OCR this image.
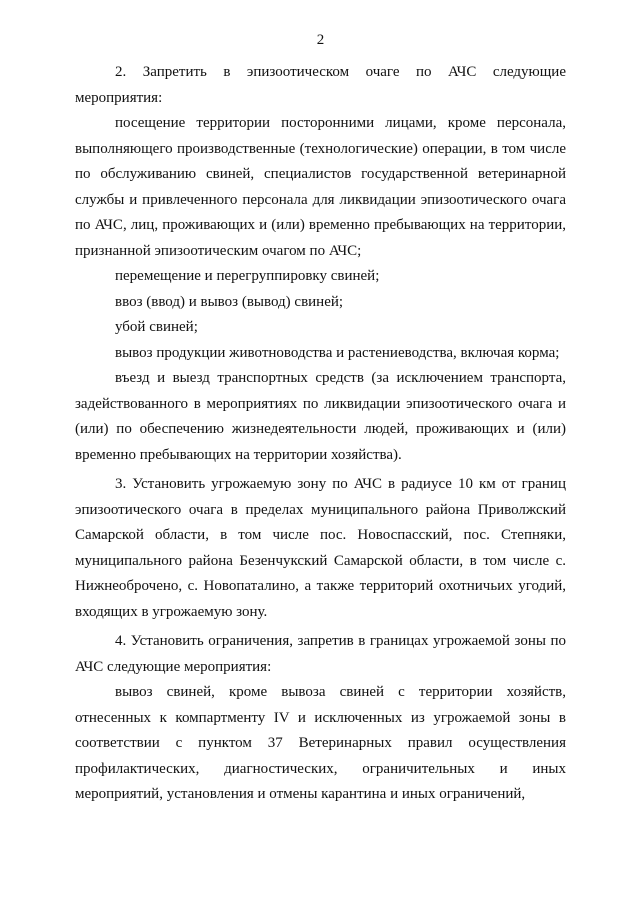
2

2. Запретить в эпизоотическом очаге по АЧС следующие мероприятия:

посещение территории посторонними лицами, кроме персонала, выполняющего производственные (технологические) операции, в том числе по обслуживанию свиней, специалистов государственной ветеринарной службы и привлеченного персонала для ликвидации эпизоотического очага по АЧС, лиц, проживающих и (или) временно пребывающих на территории, признанной эпизоотическим очагом по АЧС;

перемещение и перегруппировку свиней;

ввоз (ввод) и вывоз (вывод) свиней;

убой свиней;

вывоз продукции животноводства и растениеводства, включая корма;

въезд и выезд транспортных средств (за исключением транспорта, задействованного в мероприятиях по ликвидации эпизоотического очага и (или) по обеспечению жизнедеятельности людей, проживающих и (или) временно пребывающих на территории хозяйства).

3. Установить угрожаемую зону по АЧС в радиусе 10 км от границ эпизоотического очага в пределах муниципального района Приволжский Самарской области, в том числе пос. Новоспасский, пос. Степняки, муниципального района Безенчукский Самарской области, в том числе с. Нижнеоброчено, с. Новопаталино, а также территорий охотничьих угодий, входящих в угрожаемую зону.

4. Установить ограничения, запретив в границах угрожаемой зоны по АЧС следующие мероприятия:

вывоз свиней, кроме вывоза свиней с территории хозяйств, отнесенных к компартменту IV и исключенных из угрожаемой зоны в соответствии с пунктом 37 Ветеринарных правил осуществления профилактических, диагностических, ограничительных и иных мероприятий, установления и отмены карантина и иных ограничений,
